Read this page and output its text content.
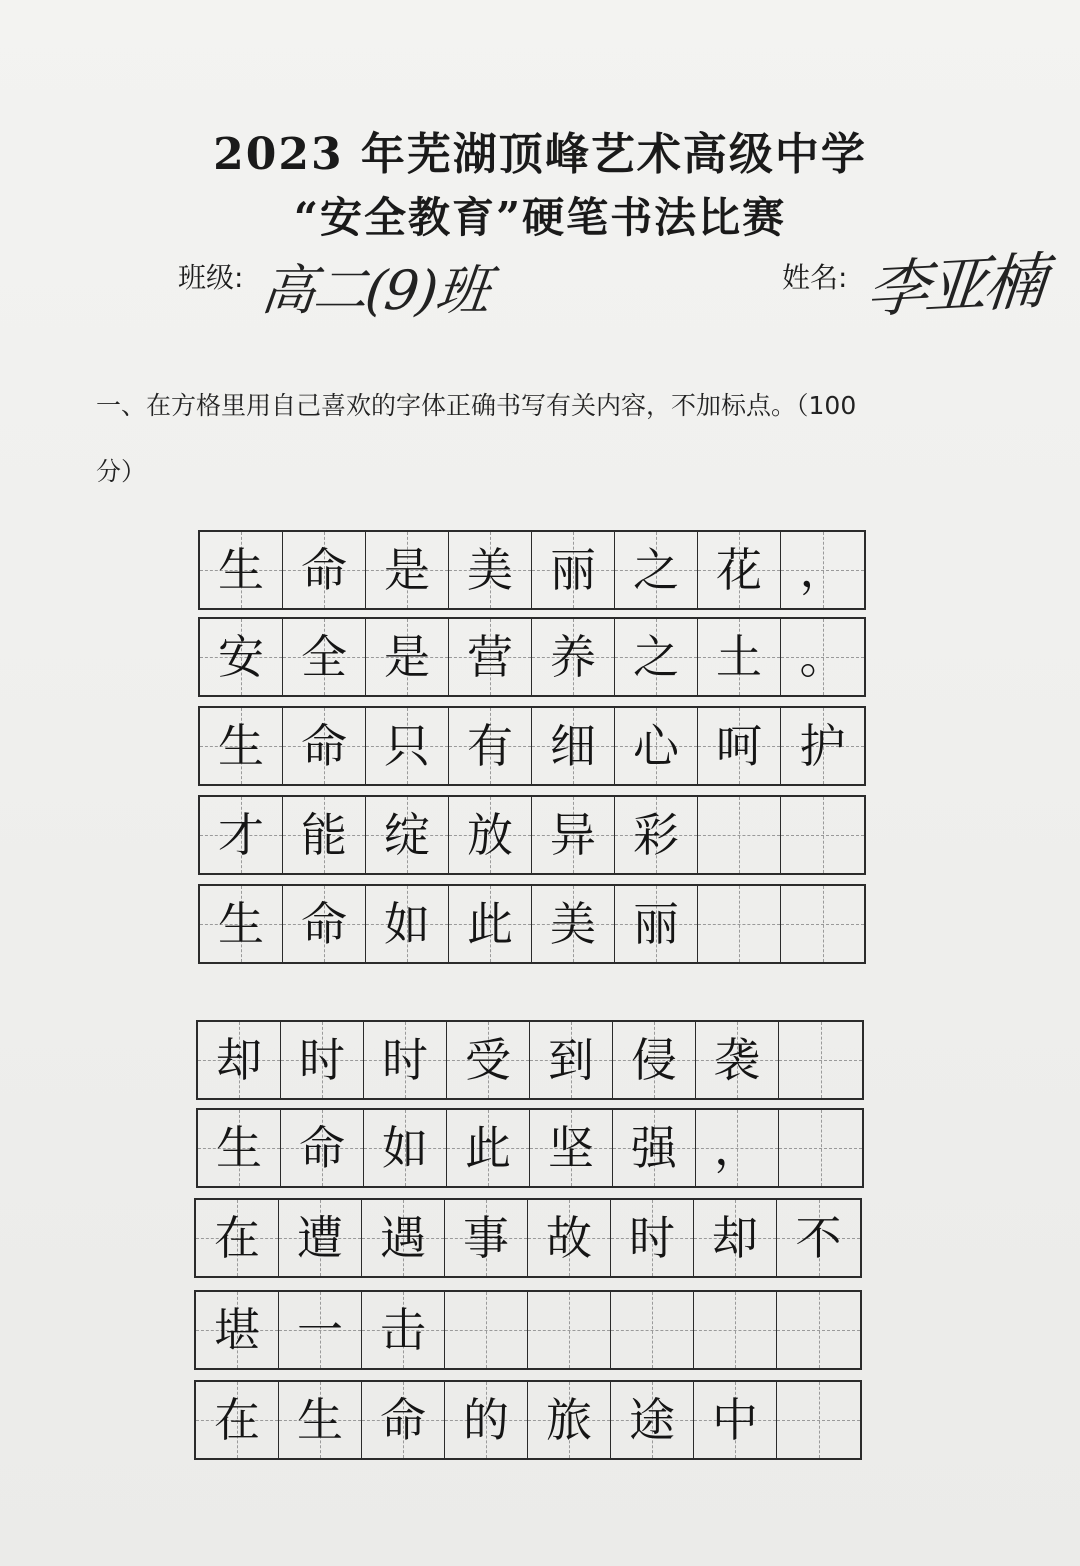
2023 年芜湖顶峰艺术高级中学
“安全教育”硬笔书法比赛
班级: 高二(9)班	姓名: 李亚楠
一、在方格里用自己喜欢的字体正确书写有关内容，不加标点。（100
分）
生 命 是 美 丽 之 花 ，
安 全 是 营 养 之 土 。
生 命 只 有 细 心 呵 护
才 能 绽 放 异 彩
生 命 如 此 美 丽
却 时 时 受 到 侵 袭
生 命 如 此 坚 强 ，
在 遭 遇 事 故 时 却 不
堪 一 击
在 生 命 的 旅 途 中
